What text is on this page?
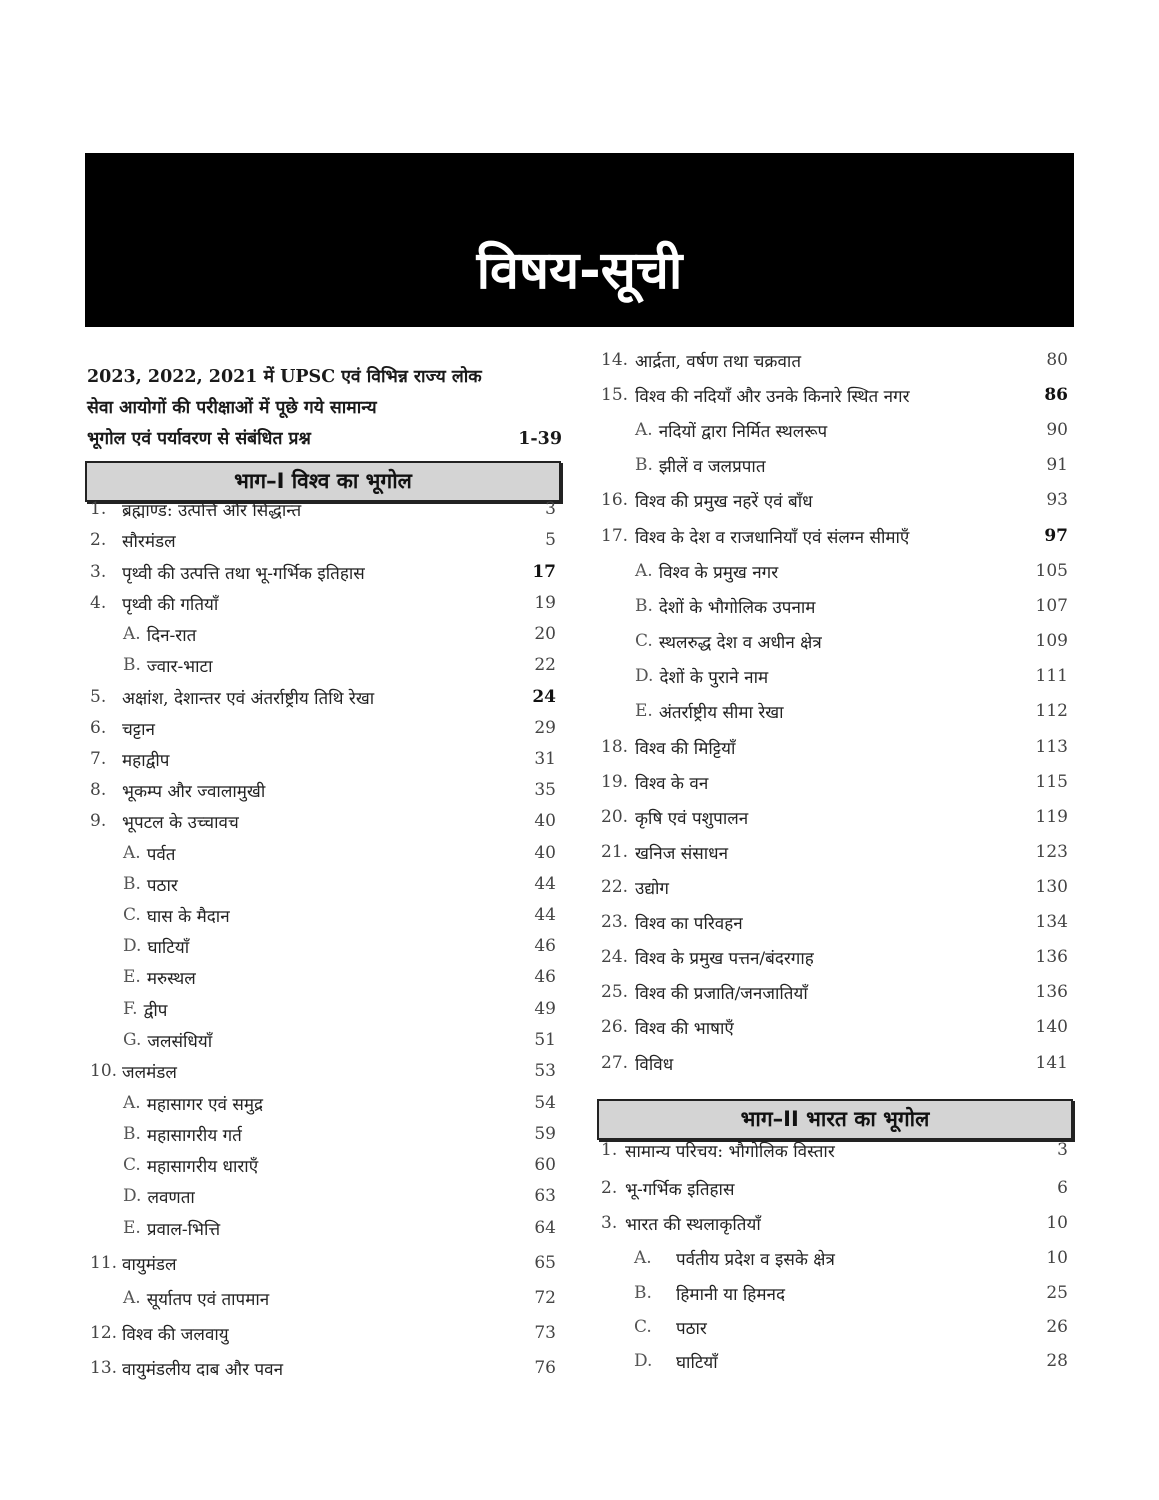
विषय-सूची
2023, 2022, 2021 में UPSC एवं विभिन्न राज्य लोक
सेवा आयोगों की परीक्षाओं में पूछे गये सामान्य
भूगोल एवं पर्यावरण से संबंधित प्रश्न	1-39
भाग–I विश्व का भूगोल
भाग–II भारत का भूगोल
1. ब्रह्माण्ड: उत्पत्ति और सिद्धान्त	3
2. सौरमंडल	5
3. पृथ्वी की उत्पत्ति तथा भू-गर्भिक इतिहास	17
4. पृथ्वी की गतियाँ	19
A. दिन-रात	20
B. ज्वार-भाटा	22
5. अक्षांश, देशान्तर एवं अंतर्राष्ट्रीय तिथि रेखा	24
6. चट्टान	29
7. महाद्वीप	31
8. भूकम्प और ज्वालामुखी	35
9. भूपटल के उच्चावच	40
A. पर्वत	40
B. पठार	44
C. घास के मैदान	44
D. घाटियाँ	46
E. मरुस्थल	46
F. द्वीप	49
G. जलसंधियाँ	51
10. जलमंडल	53
A. महासागर एवं समुद्र	54
B. महासागरीय गर्त	59
C. महासागरीय धाराएँ	60
D. लवणता	63
E. प्रवाल-भित्ति	64
11. वायुमंडल	65
A. सूर्यातप एवं तापमान	72
12. विश्व की जलवायु	73
13. वायुमंडलीय दाब और पवन	76
14. आर्द्रता, वर्षण तथा चक्रवात	80
15. विश्व की नदियाँ और उनके किनारे स्थित नगर	86
A. नदियों द्वारा निर्मित स्थलरूप	90
B. झीलें व जलप्रपात	91
16. विश्व की प्रमुख नहरें एवं बाँध	93
17. विश्व के देश व राजधानियाँ एवं संलग्न सीमाएँ	97
A. विश्व के प्रमुख नगर	105
B. देशों के भौगोलिक उपनाम	107
C. स्थलरुद्ध देश व अधीन क्षेत्र	109
D. देशों के पुराने नाम	111
E. अंतर्राष्ट्रीय सीमा रेखा	112
18. विश्व की मिट्टियाँ	113
19. विश्व के वन	115
20. कृषि एवं पशुपालन	119
21. खनिज संसाधन	123
22. उद्योग	130
23. विश्व का परिवहन	134
24. विश्व के प्रमुख पत्तन/बंदरगाह	136
25. विश्व की प्रजाति/जनजातियाँ	136
26. विश्व की भाषाएँ	140
27. विविध	141
1. सामान्य परिचय: भौगोलिक विस्तार	3
2. भू-गर्भिक इतिहास	6
3. भारत की स्थलाकृतियाँ	10
A.	पर्वतीय प्रदेश व इसके क्षेत्र	10
B.	हिमानी या हिमनद	25
C.	पठार	26
D.	घाटियाँ	28
